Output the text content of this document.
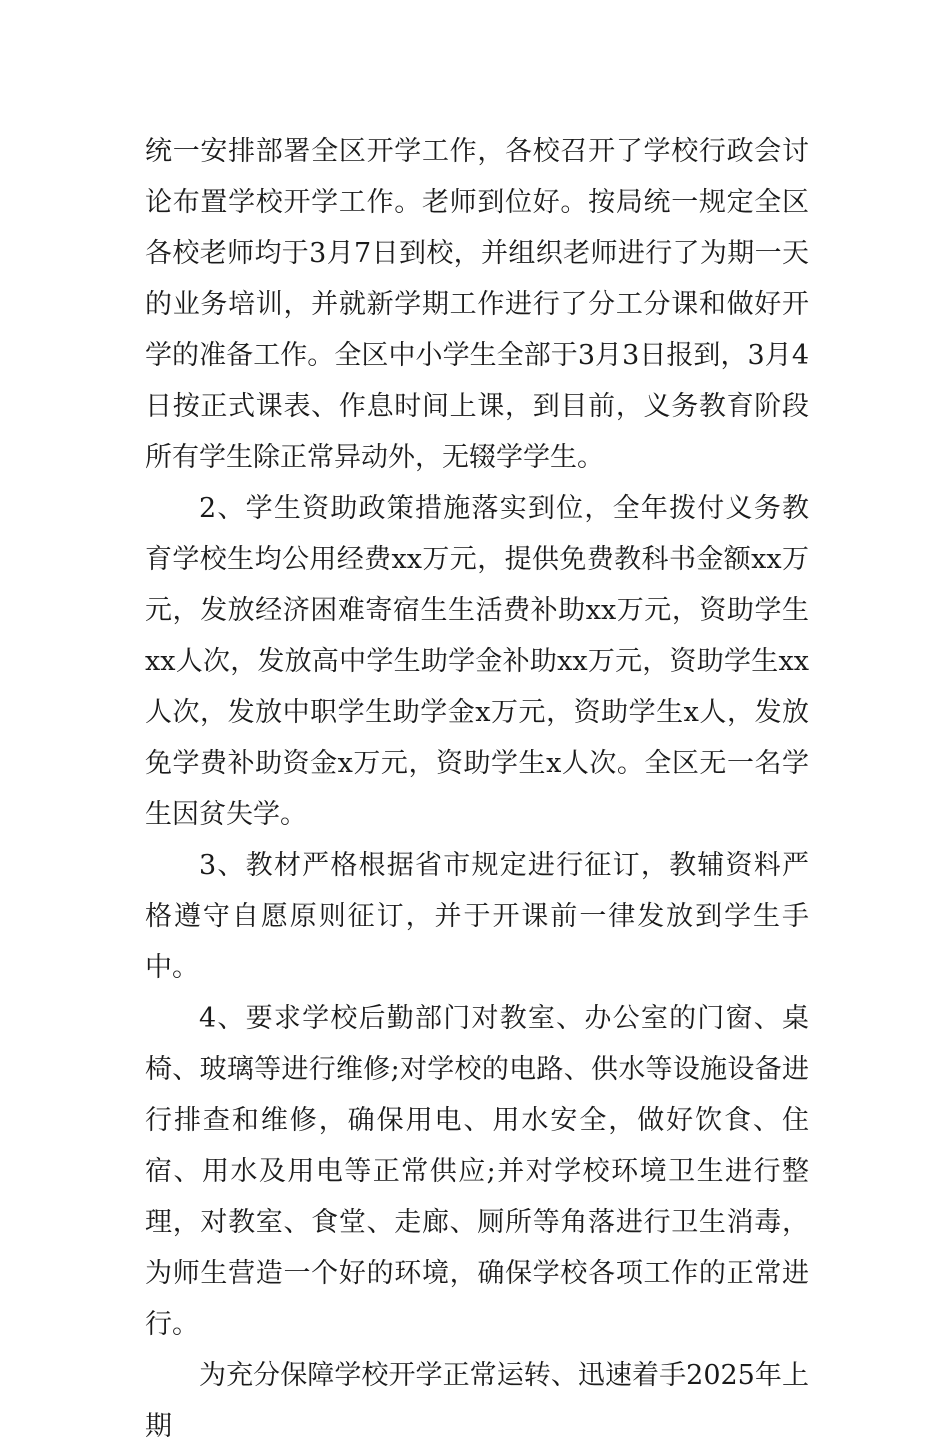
统一安排部署全区开学工作，各校召开了学校行政会讨论布置学校开学工作。老师到位好。按局统一规定全区各校老师均于3月7日到校，并组织老师进行了为期一天的业务培训，并就新学期工作进行了分工分课和做好开学的准备工作。全区中小学生全部于3月3日报到，3月4日按正式课表、作息时间上课，到目前，义务教育阶段所有学生除正常异动外，无辍学学生。

2、学生资助政策措施落实到位，全年拨付义务教育学校生均公用经费xx万元，提供免费教科书金额xx万元，发放经济困难寄宿生生活费补助xx万元，资助学生xx人次，发放高中学生助学金补助xx万元，资助学生xx人次，发放中职学生助学金x万元，资助学生x人，发放免学费补助资金x万元，资助学生x人次。全区无一名学生因贫失学。

3、教材严格根据省市规定进行征订，教辅资料严格遵守自愿原则征订，并于开课前一律发放到学生手中。

4、要求学校后勤部门对教室、办公室的门窗、桌椅、玻璃等进行维修;对学校的电路、供水等设施设备进行排查和维修，确保用电、用水安全，做好饮食、住宿、用水及用电等正常供应;并对学校环境卫生进行整理，对教室、食堂、走廊、厕所等角落进行卫生消毒，为师生营造一个好的环境，确保学校各项工作的正常进行。

为充分保障学校开学正常运转、迅速着手2025年上期
